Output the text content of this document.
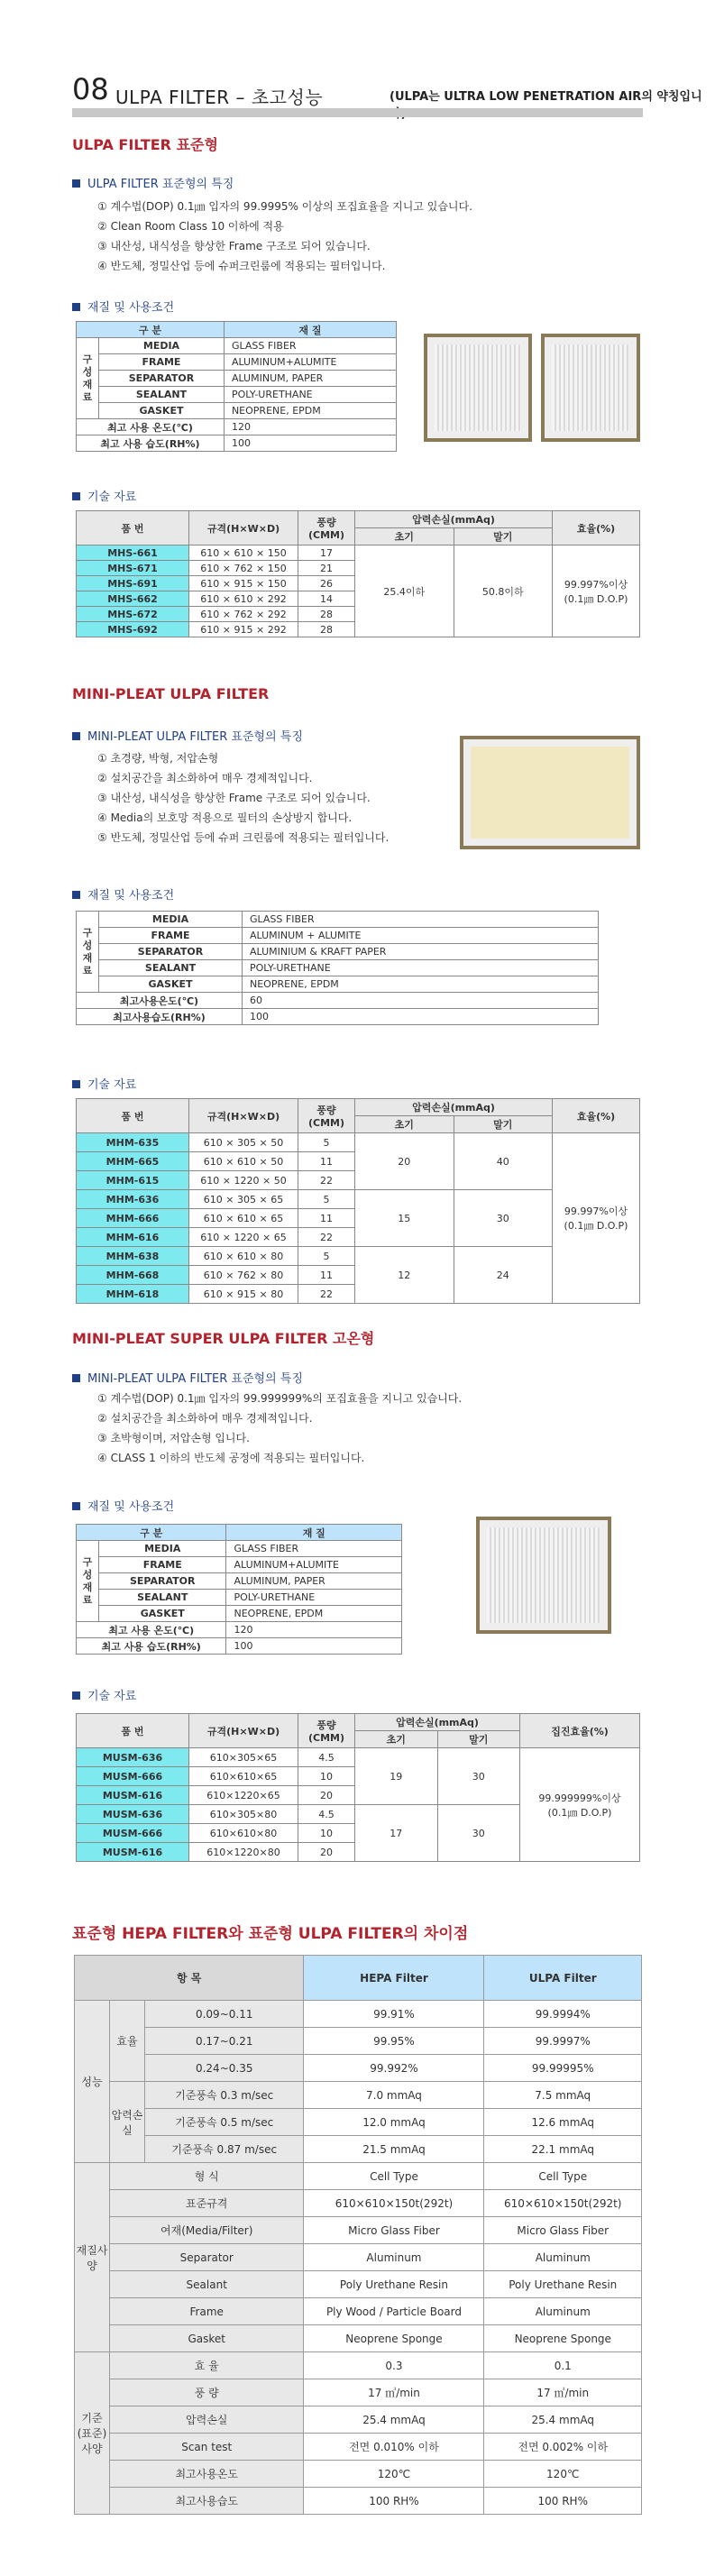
08 ULPA FILTER – 초고성능	(ULPA는 ULTRA LOW PENETRATION AIR의 약칭입니
ULPA FILTER 표준형
ULPA FILTER 표준형의 특징
① 계수법(DOP) 0.1㎛ 입자의 99.9995% 이상의 포집효율을 지니고 있습니다.
② Clean Room Class 10 이하에 적용
③ 내산성, 내식성을 향상한 Frame 구조로 되어 있습니다.
④ 반도체, 정밀산업 등에 슈퍼크린룸에 적용되는 필터입니다.
재질 및 사용조건
구 분		재 질
구성재료	MEDIA	GLASS FIBER
	FRAME	ALUMINUM+ALUMITE
	SEPARATOR	ALUMINUM, PAPER
	SEALANT	POLY-URETHANE
	GASKET	NEOPRENE, EPDM
최고 사용 온도(℃)		120
최고 사용 습도(RH%)		100
기술 자료
품 번	규격(H×W×D)	풍량(CMM)	압력손실(mmAq)		효율(%)
			초기	말기	
MHS-661	610 × 610 × 150	17	25.4이하	50.8이하	99.997%이상
(0.1㎛ D.O.P)
MHS-671	610 × 762 × 150	21			
MHS-691	610 × 915 × 150	26			
MHS-662	610 × 610 × 292	14			
MHS-672	610 × 762 × 292	28			
MHS-692	610 × 915 × 292	28			
MINI-PLEAT ULPA FILTER
MINI-PLEAT ULPA FILTER 표준형의 특징
① 초경량, 박형, 저압손형
② 설치공간을 최소화하여 매우 경제적입니다.
③ 내산성, 내식성을 향상한 Frame 구조로 되어 있습니다.
④ Media의 보호망 적용으로 필터의 손상방지 합니다.
⑤ 반도체, 정밀산업 등에 슈퍼 크린룸에 적용되는 필터입니다.
재질 및 사용조건
구성재료	MEDIA	GLASS FIBER
	FRAME	ALUMINUM + ALUMITE
	SEPARATOR	ALUMINIUM & KRAFT PAPER
	SEALANT	POLY-URETHANE
	GASKET	NEOPRENE, EPDM
최고사용온도(℃)		60
최고사용습도(RH%)		100
기술 자료
품 번	규격(H×W×D)	풍량(CMM)	압력손실(mmAq)		효율(%)
			초기	말기	
MHM-635	610 × 305 × 50	5	20	40	99.997%이상
(0.1㎛ D.O.P)
MHM-665	610 × 610 × 50	11			
MHM-615	610 × 1220 × 50	22			
MHM-636	610 × 305 × 65	5	15	30	
MHM-666	610 × 610 × 65	11			
MHM-616	610 × 1220 × 65	22			
MHM-638	610 × 610 × 80	5	12	24	
MHM-668	610 × 762 × 80	11			
MHM-618	610 × 915 × 80	22			
MINI-PLEAT SUPER ULPA FILTER 고온형
MINI-PLEAT ULPA FILTER 표준형의 특징
① 계수법(DOP) 0.1㎛ 입자의 99.999999%의 포집효율을 지니고 있습니다.
② 설치공간을 최소화하여 매우 경제적입니다.
③ 초박형이며, 저압손형 입니다.
④ CLASS 1 이하의 반도체 공정에 적용되는 필터입니다.
재질 및 사용조건
구 분		재 질
구성재료	MEDIA	GLASS FIBER
	FRAME	ALUMINUM+ALUMITE
	SEPARATOR	ALUMINUM, PAPER
	SEALANT	POLY-URETHANE
	GASKET	NEOPRENE, EPDM
최고 사용 온도(℃)		120
최고 사용 습도(RH%)		100
기술 자료
품 번	규격(H×W×D)	풍량(CMM)	압력손실(mmAq)		집진효율(%)
			초기	말기	
MUSM-636	610×305×65	4.5	19	30	99.999999%이상
(0.1㎛ D.O.P)
MUSM-666	610×610×65	10			
MUSM-616	610×1220×65	20			
MUSM-636	610×305×80	4.5	17	30	
MUSM-666	610×610×80	10			
MUSM-616	610×1220×80	20			
표준형 HEPA FILTER와 표준형 ULPA FILTER의 차이점
항 목			HEPA Filter	ULPA Filter
성능	효율	0.09~0.11	99.91%	99.9994%
		0.17~0.21	99.95%	99.9997%
		0.24~0.35	99.992%	99.99995%
	압력손실	기준풍속 0.3 m/sec	7.0 mmAq	7.5 mmAq
		기준풍속 0.5 m/sec	12.0 mmAq	12.6 mmAq
		기준풍속 0.87 m/sec	21.5 mmAq	22.1 mmAq
재질사양	형 식		Cell Type	Cell Type
	표준규격		610×610×150t(292t)	610×610×150t(292t)
	여재(Media/Filter)		Micro Glass Fiber	Micro Glass Fiber
	Separator		Aluminum	Aluminum
	Sealant		Poly Urethane Resin	Poly Urethane Resin
	Frame		Ply Wood / Particle Board	Aluminum
	Gasket		Neoprene Sponge	Neoprene Sponge
기준(표준)사양	효 율		0.3	0.1
	풍 량		17 ㎥/min	17 ㎥/min
	압력손실		25.4 mmAq	25.4 mmAq
	Scan test		전면 0.010% 이하	전면 0.002% 이하
	최고사용온도		120℃	120℃
	최고사용습도		100 RH%	100 RH%
